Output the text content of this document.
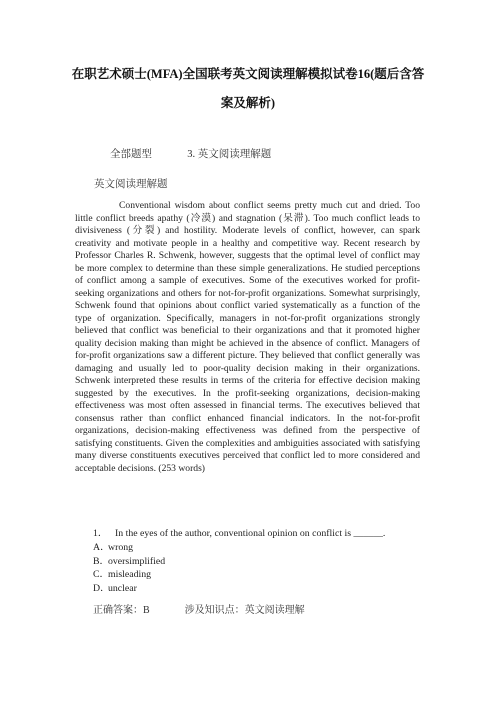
在职艺术硕士(MFA)全国联考英文阅读理解模拟试卷16(题后含答
案及解析)
全部题型	3. 英文阅读理解题
英文阅读理解题

Conventional wisdom about conflict seems pretty much cut and dried. Too little conflict breeds apathy (冷漠) and stagnation (呆滞). Too much conflict leads to divisiveness (分裂) and hostility. Moderate levels of conflict, however, can spark creativity and motivate people in a healthy and competitive way. Recent research by Professor Charles R. Schwenk, however, suggests that the optimal level of conflict may be more complex to determine than these simple generalizations. He studied perceptions of conflict among a sample of executives. Some of the executives worked for profit-seeking organizations and others for not-for-profit organizations. Somewhat surprisingly, Schwenk found that opinions about conflict varied systematically as a function of the type of organization. Specifically, managers in not-for-profit organizations strongly believed that conflict was beneficial to their organizations and that it promoted higher quality decision making than might be achieved in the absence of conflict. Managers of for-profit organizations saw a different picture. They believed that conflict generally was damaging and usually led to poor-quality decision making in their organizations. Schwenk interpreted these results in terms of the criteria for effective decision making suggested by the executives. In the profit-seeking organizations, decision-making effectiveness was most often assessed in financial terms. The executives believed that consensus rather than conflict enhanced financial indicators. In the not-for-profit organizations, decision-making effectiveness was defined from the perspective of satisfying constituents. Given the complexities and ambiguities associated with satisfying many diverse constituents executives perceived that conflict led to more considered and acceptable decisions. (253 words)

1． In the eyes of the author, conventional opinion on conflict is ______.
A．wrong
B．oversimplified
C．misleading
D．unclear
正确答案：B	涉及知识点：英文阅读理解
